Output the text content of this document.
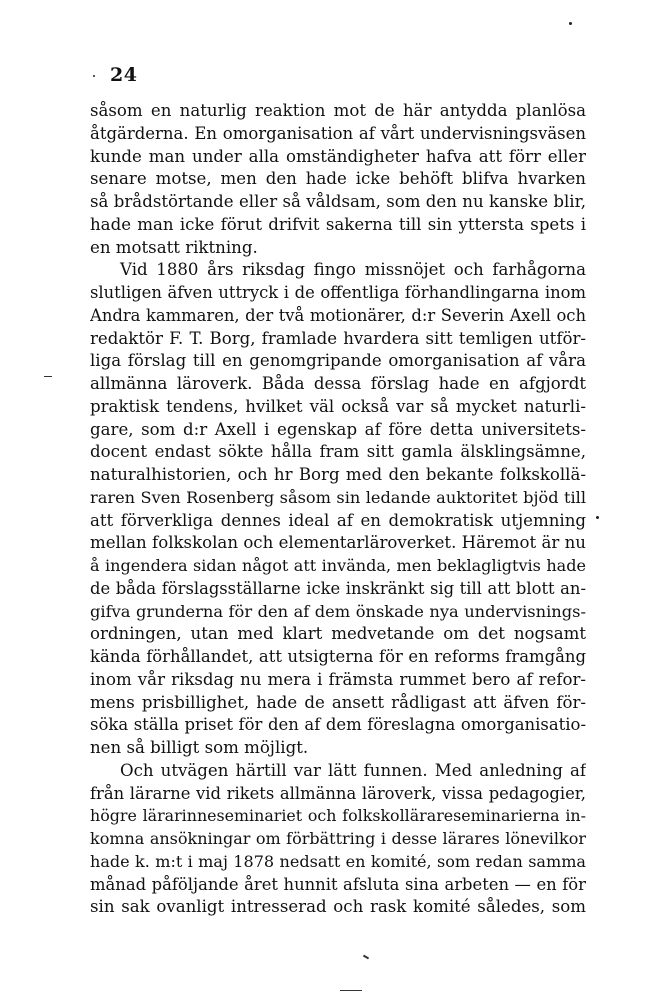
24
såsom en naturlig reaktion mot de här antydda planlösa
åtgärderna. En omorganisation af vårt undervisningsväsen
kunde man under alla omständigheter hafva att förr eller
senare motse, men den hade icke behöft blifva hvarken
så brådstörtande eller så våldsam, som den nu kanske blir,
hade man icke förut drifvit sakerna till sin yttersta spets i
en motsatt riktning.
Vid 1880 års riksdag fingo missnöjet och farhågorna
slutligen äfven uttryck i de offentliga förhandlingarna inom
Andra kammaren, der två motionärer, d:r Severin Axell och
redaktör F. T. Borg, framlade hvardera sitt temligen utför-
liga förslag till en genomgripande omorganisation af våra
allmänna läroverk. Båda dessa förslag hade en afgjordt
praktisk tendens, hvilket väl också var så mycket naturli-
gare, som d:r Axell i egenskap af före detta universitets-
docent endast sökte hålla fram sitt gamla älsklingsämne,
naturalhistorien, och hr Borg med den bekante folkskollä-
raren Sven Rosenberg såsom sin ledande auktoritet bjöd till
att förverkliga dennes ideal af en demokratisk utjemning
mellan folkskolan och elementarläroverket. Häremot är nu
å ingendera sidan något att invända, men beklagligtvis hade
de båda förslagsställarne icke inskränkt sig till att blott an-
gifva grunderna för den af dem önskade nya undervisnings-
ordningen, utan med klart medvetande om det nogsamt
kända förhållandet, att utsigterna för en reforms framgång
inom vår riksdag nu mera i främsta rummet bero af refor-
mens prisbillighet, hade de ansett rådligast att äfven för-
söka ställa priset för den af dem föreslagna omorganisatio-
nen så billigt som möjligt.
Och utvägen härtill var lätt funnen. Med anledning af
från lärarne vid rikets allmänna läroverk, vissa pedagogier,
högre lärarinneseminariet och folkskollärareseminarierna in-
komna ansökningar om förbättring i desse lärares lönevilkor
hade k. m:t i maj 1878 nedsatt en komité, som redan samma
månad påföljande året hunnit afsluta sina arbeten — en för
sin sak ovanligt intresserad och rask komité således, som
